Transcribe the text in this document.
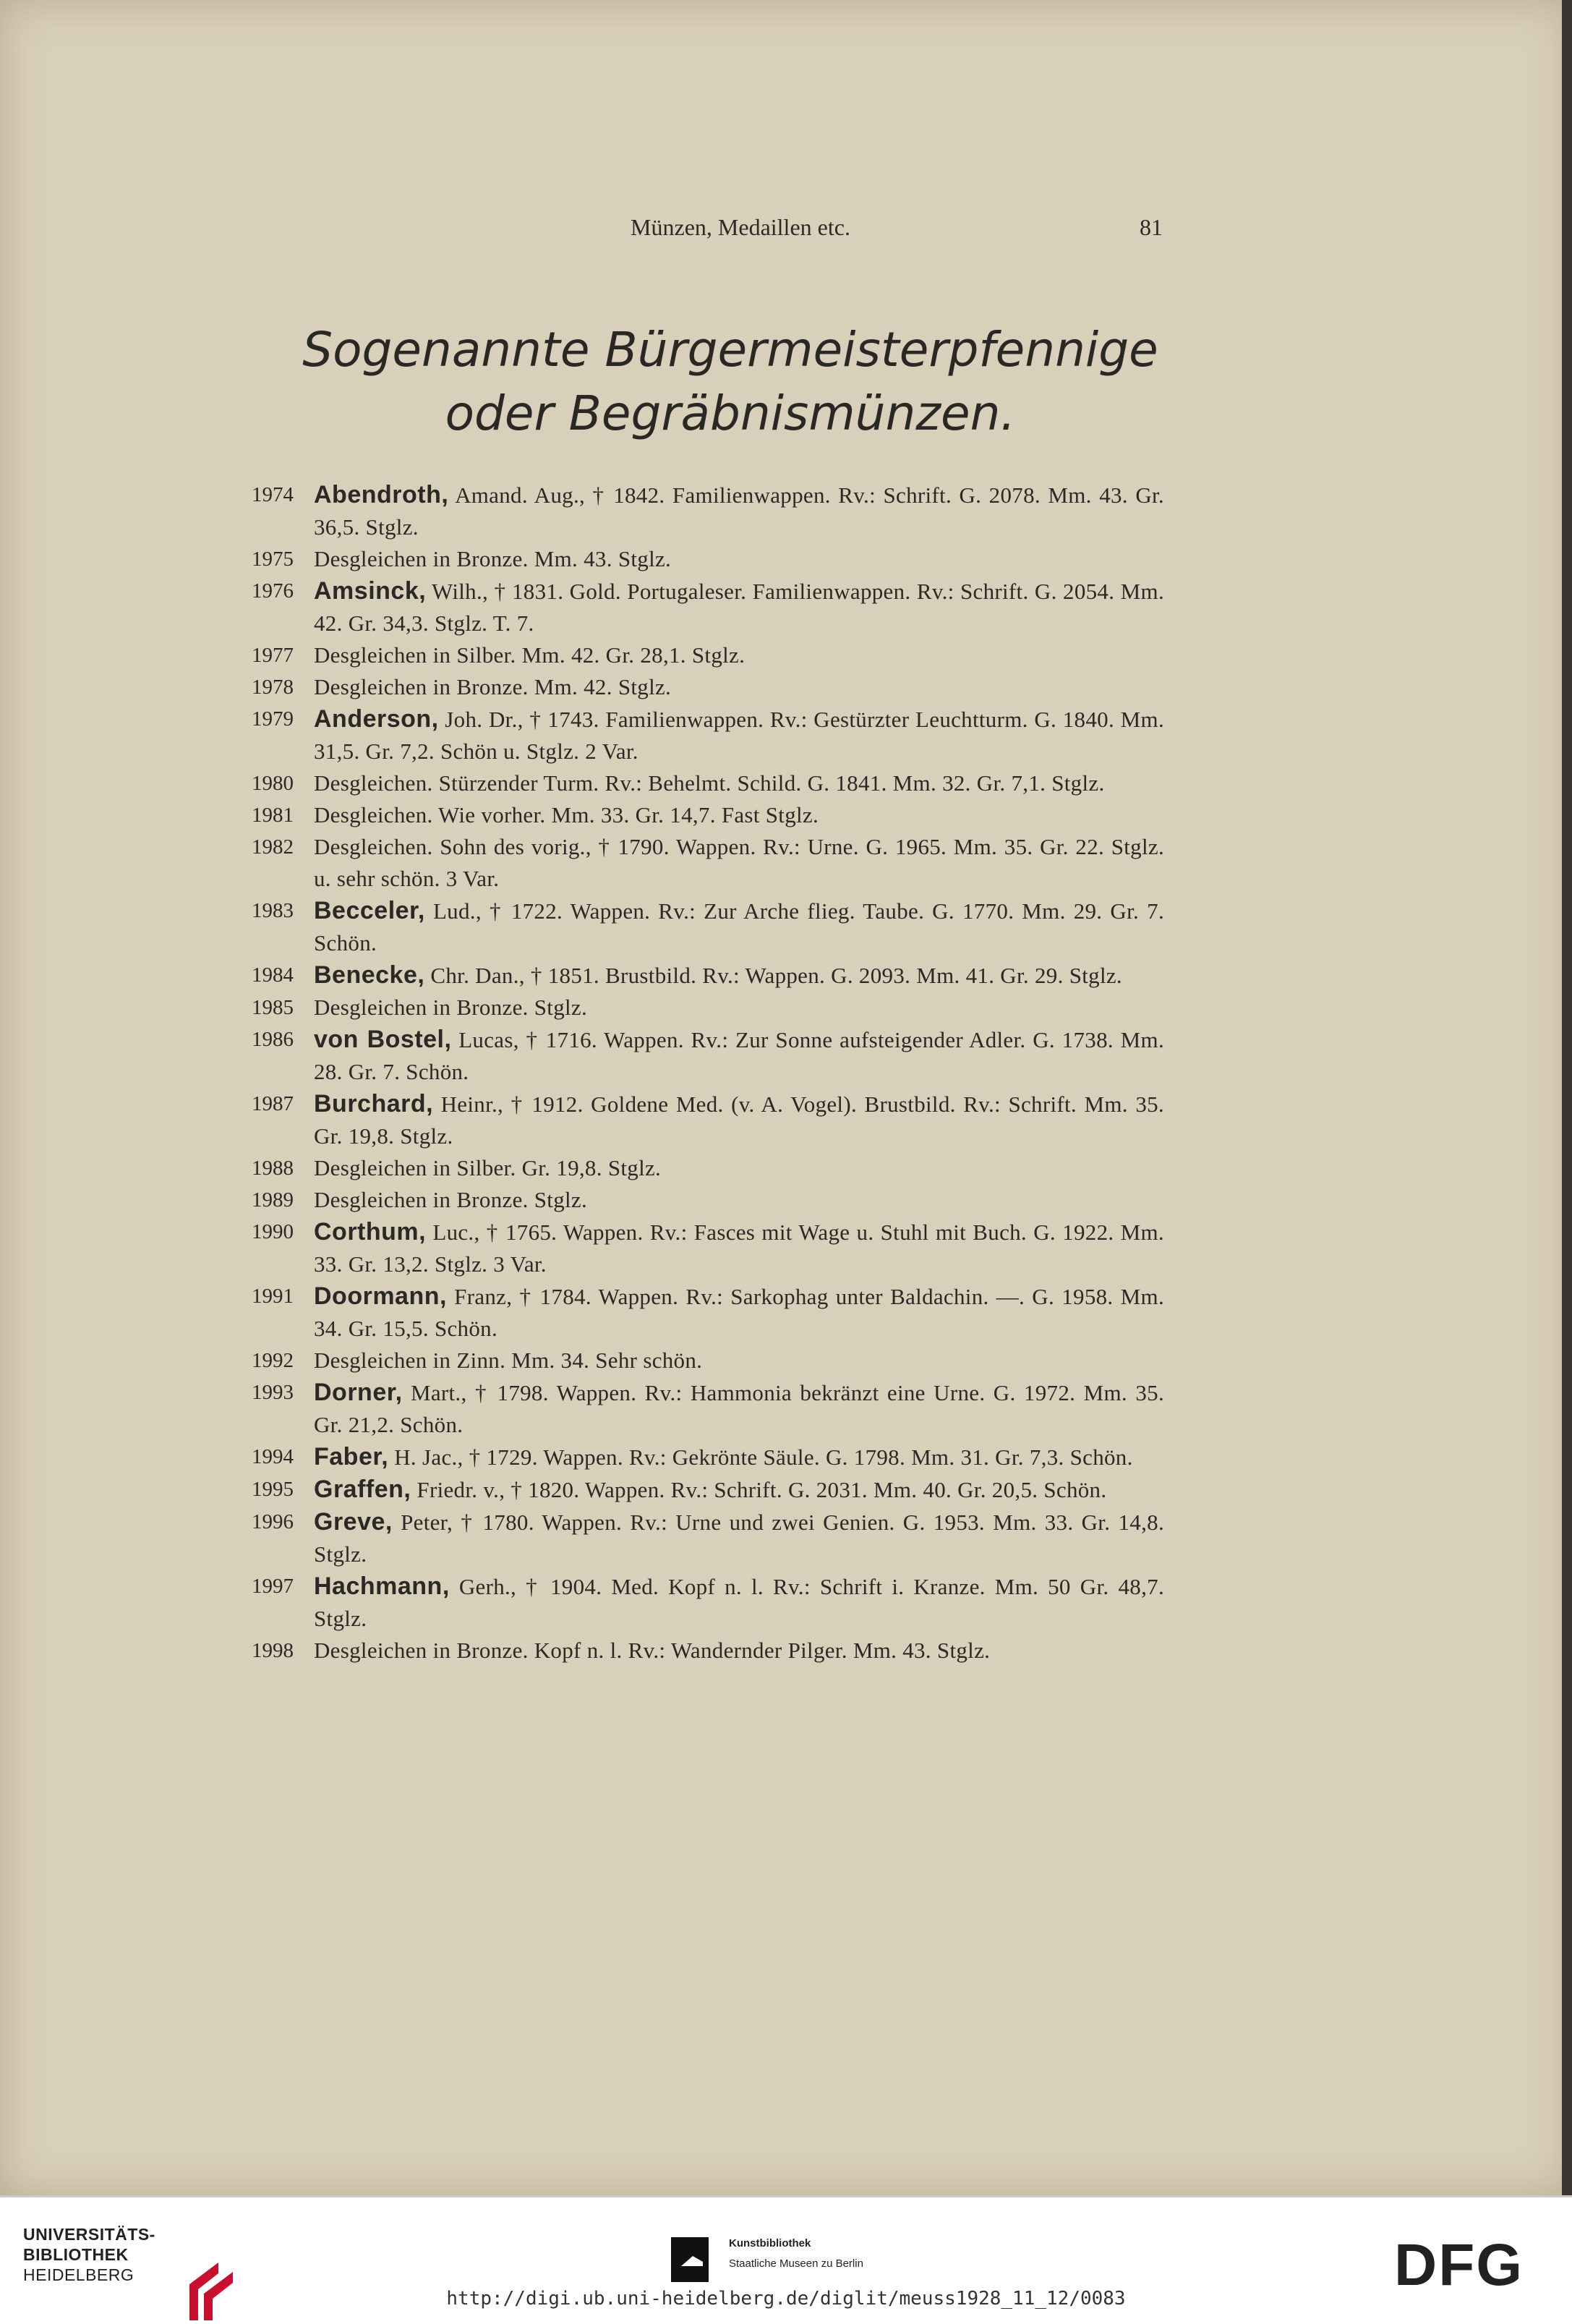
Münzen, Medaillen etc.	81
Sogenannte Bürgermeisterpfennige
oder Begräbnismünzen.
1974 Abendroth, Amand. Aug., † 1842. Familienwappen. Rv.: Schrift. G. 2078. Mm. 43. Gr. 36,5. Stglz.
1975 Desgleichen in Bronze. Mm. 43. Stglz.
1976 Amsinck, Wilh., † 1831. Gold. Portugaleser. Familienwappen. Rv.: Schrift. G. 2054. Mm. 42. Gr. 34,3. Stglz. T. 7.
1977 Desgleichen in Silber. Mm. 42. Gr. 28,1. Stglz.
1978 Desgleichen in Bronze. Mm. 42. Stglz.
1979 Anderson, Joh. Dr., † 1743. Familienwappen. Rv.: Gestürzter Leuchtturm. G. 1840. Mm. 31,5. Gr. 7,2. Schön u. Stglz. 2 Var.
1980 Desgleichen. Stürzender Turm. Rv.: Behelmt. Schild. G. 1841. Mm. 32. Gr. 7,1. Stglz.
1981 Desgleichen. Wie vorher. Mm. 33. Gr. 14,7. Fast Stglz.
1982 Desgleichen. Sohn des vorig., † 1790. Wappen. Rv.: Urne. G. 1965. Mm. 35. Gr. 22. Stglz. u. sehr schön. 3 Var.
1983 Becceler, Lud., † 1722. Wappen. Rv.: Zur Arche flieg. Taube. G. 1770. Mm. 29. Gr. 7. Schön.
1984 Benecke, Chr. Dan., † 1851. Brustbild. Rv.: Wappen. G. 2093. Mm. 41. Gr. 29. Stglz.
1985 Desgleichen in Bronze. Stglz.
1986 von Bostel, Lucas, † 1716. Wappen. Rv.: Zur Sonne aufsteigender Adler. G. 1738. Mm. 28. Gr. 7. Schön.
1987 Burchard, Heinr., † 1912. Goldene Med. (v. A. Vogel). Brustbild. Rv.: Schrift. Mm. 35. Gr. 19,8. Stglz.
1988 Desgleichen in Silber. Gr. 19,8. Stglz.
1989 Desgleichen in Bronze. Stglz.
1990 Corthum, Luc., † 1765. Wappen. Rv.: Fasces mit Wage u. Stuhl mit Buch. G. 1922. Mm. 33. Gr. 13,2. Stglz. 3 Var.
1991 Doormann, Franz, † 1784. Wappen. Rv.: Sarkophag unter Baldachin. —. G. 1958. Mm. 34. Gr. 15,5. Schön.
1992 Desgleichen in Zinn. Mm. 34. Sehr schön.
1993 Dorner, Mart., † 1798. Wappen. Rv.: Hammonia bekränzt eine Urne. G. 1972. Mm. 35. Gr. 21,2. Schön.
1994 Faber, H. Jac., † 1729. Wappen. Rv.: Gekrönte Säule. G. 1798. Mm. 31. Gr. 7,3. Schön.
1995 Graffen, Friedr. v., † 1820. Wappen. Rv.: Schrift. G. 2031. Mm. 40. Gr. 20,5. Schön.
1996 Greve, Peter, † 1780. Wappen. Rv.: Urne und zwei Genien. G. 1953. Mm. 33. Gr. 14,8. Stglz.
1997 Hachmann, Gerh., † 1904. Med. Kopf n. l. Rv.: Schrift i. Kranze. Mm. 50 Gr. 48,7. Stglz.
1998 Desgleichen in Bronze. Kopf n. l. Rv.: Wandernder Pilger. Mm. 43. Stglz.
UNIVERSITÄTS-
BIBLIOTHEK
HEIDELBERG
Kunstbibliothek
Staatliche Museen zu Berlin	DFG
http://digi.ub.uni-heidelberg.de/diglit/meuss1928_11_12/0083
